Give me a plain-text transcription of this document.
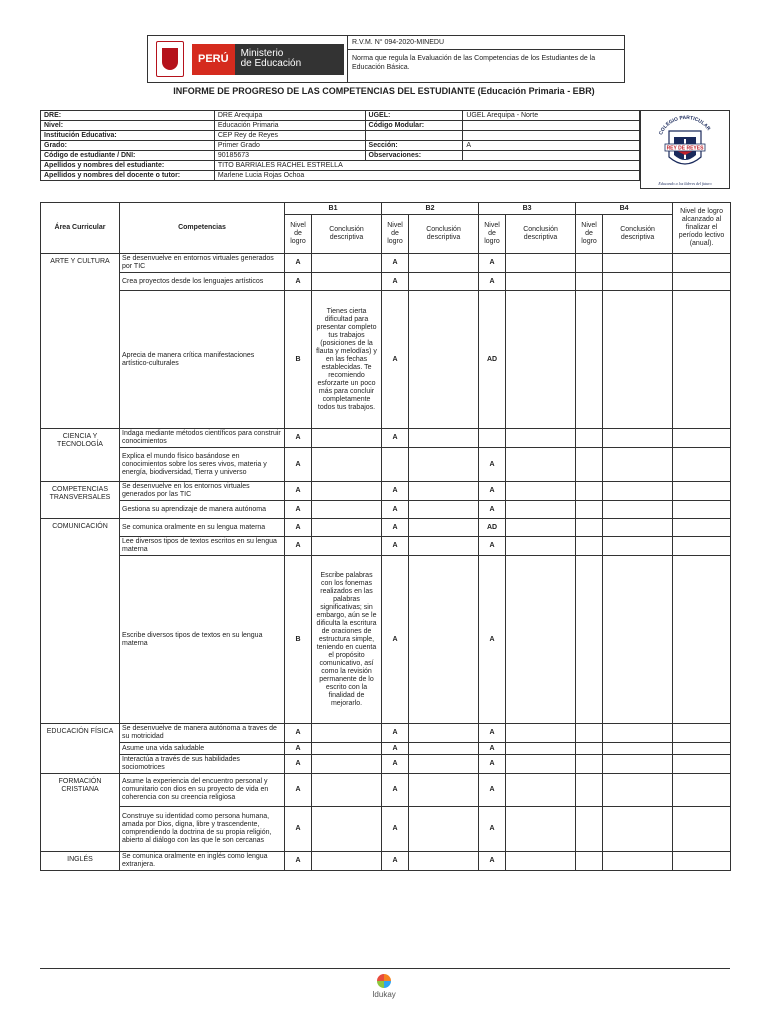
PERÚ	Ministerio
de Educación
R.V.M. N° 094-2020-MINEDU
Norma que regula la Evaluación de las Competencias de los Estudiantes de la Educación Básica.
INFORME DE PROGRESO DE LAS COMPETENCIAS DEL ESTUDIANTE (Educación Primaria - EBR)
DRE:	DRE Arequipa	UGEL:	UGEL Arequipa - Norte
Nivel:	Educación Primaria	Código Modular:	
Institución Educativa:	CEP Rey de Reyes		
Grado:	Primer Grado	Sección:	A
Código de estudiante / DNI:	90185673	Observaciones:	
Apellidos y nombres del estudiante:	TITO BARRIALES RACHEL ESTRELLA		
Apellidos y nombres del docente o tutor:	Marlene Lucia Rojas Ochoa		
COLEGIO PARTICULAR
REY DE REYES
Educando a los líderes del futuro
Área Curricular	Competencias	B1		B2		B3		B4		Nivel de logro alcanzado al finalizar el período lectivo (anual).
		Nivel de logro	Conclusión descriptiva	Nivel de logro	Conclusión descriptiva	Nivel de logro	Conclusión descriptiva	Nivel de logro	Conclusión descriptiva	
ARTE Y CULTURA	Se desenvuelve en entornos virtuales generados por TIC	A		A		A				
	Crea proyectos desde los lenguajes artísticos	A		A		A				
	Aprecia de manera crítica manifestaciones artístico-culturales	B	Tienes cierta dificultad para presentar completo tus trabajos (posiciones de la flauta y melodías) y en las fechas establecidas. Te recomiendo esforzarte un poco más para concluir completamente todos tus trabajos.	A		AD				
CIENCIA Y TECNOLOGÍA	Indaga mediante métodos científicos para construir conocimientos	A		A						
	Explica el mundo físico basándose en conocimientos sobre los seres vivos, materia y energía, biodiversidad, Tierra y universo	A				A				
COMPETENCIAS TRANSVERSALES	Se desenvuelve en los entornos virtuales generados por las TIC	A		A		A				
	Gestiona su aprendizaje de manera autónoma	A		A		A				
COMUNICACIÓN	Se comunica oralmente en su lengua materna	A		A		AD				
	Lee diversos tipos de textos escritos en su lengua materna	A		A		A				
	Escribe diversos tipos de textos en su lengua materna	B	Escribe palabras con los fonemas realizados en las palabras significativas; sin embargo, aún se le dificulta la escritura de oraciones de estructura simple, teniendo en cuenta el propósito comunicativo, así como la revisión permanente de lo escrito con la finalidad de mejorarlo.	A		A				
EDUCACIÓN FÍSICA	Se desenvuelve de manera autónoma a traves de su motricidad	A		A		A				
	Asume una vida saludable	A		A		A				
	Interactúa a través de sus habilidades sociomotrices	A		A		A				
FORMACIÓN CRISTIANA	Asume la experiencia del encuentro personal y comunitario con dios en su proyecto de vida en coherencia con su creencia religiosa	A		A		A				
	Construye su identidad como persona humana, amada por Dios, digna, libre y trascendente, comprendiendo la doctrina de su propia religión, abierto al diálogo con las que le son cercanas	A		A		A				
INGLÉS	Se comunica oralmente en inglés como lengua extranjera.	A		A		A				
Idukay
